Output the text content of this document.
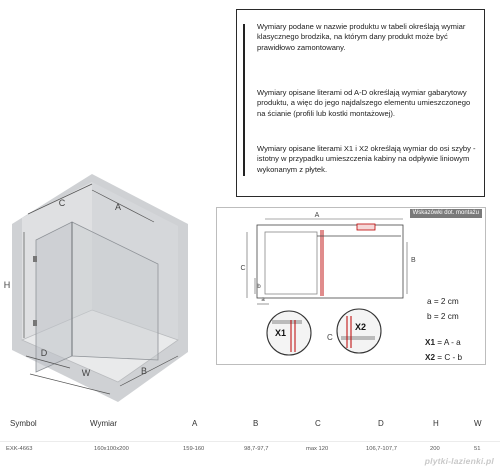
Wymiary podane w nazwie produktu w tabeli określają wymiar klasycznego brodzika, na którym dany produkt może być prawidłowo zamontowany.

Wymiary opisane literami od A-D określają wymiar gabarytowy produktu, a więc do jego najdalszego elementu umieszczonego na ścianie (profili lub kostki montażowej).

Wymiary opisane literami X1 i X2 określają wymiar do osi szyby - istotny w przypadku umieszczenia kabiny na odpływie liniowym wykonanym z płytek.

C	A
H
D
W	B
Wskazówki dot. montażu
A
C
B
a
b
X1
X2
C
a = 2 cm
b = 2 cm
X1 = A - a
X2 = C - b
Symbol	Wymiar	A	B	C	D	H	W
EXK-4663	160x100x200	159-160	98,7-97,7	max 120	106,7-107,7	200	51
plytki-lazienki.pl
